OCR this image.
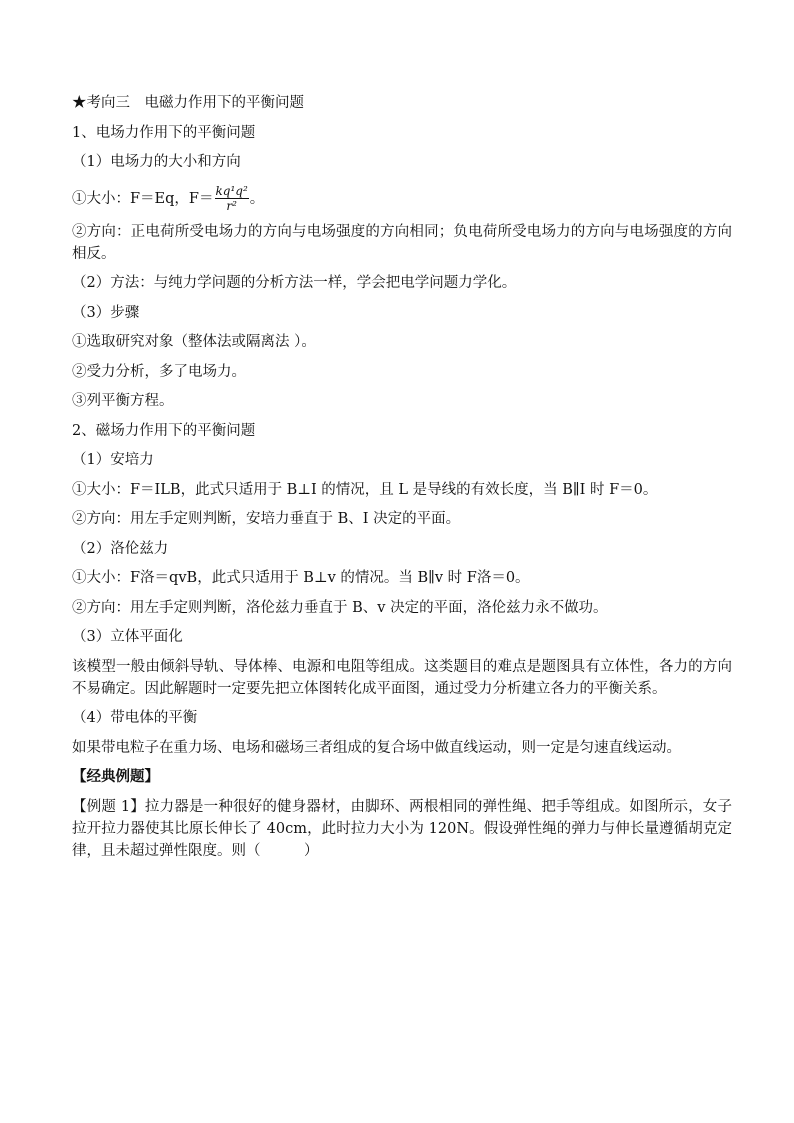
★考向三　电磁力作用下的平衡问题

1、电场力作用下的平衡问题

（1）电场力的大小和方向

①大小：F＝Eq，$F= \frac{\text{kq¹q²}}{\text{r²}}$ 。

②方向：正电荷所受电场力的方向与电场强度的方向相同；负电荷所受电场力的方向与电场强度的方向相反。

（2）方法：与纯力学问题的分析方法一样，学会把电学问题力学化。

（3）步骤

①选取研究对象（整体法或隔离法 ）。

②受力分析，多了电场力。

③列平衡方程。

2、磁场力作用下的平衡问题

（1）安培力

①大小：F＝ILB，此式只适用于 B⊥I 的情况，且 L 是导线的有效长度，当 B∥I 时 F＝0。

②方向：用左手定则判断，安培力垂直于 B、I 决定的平面。

（2）洛伦兹力

①大小：F洛＝qvB，此式只适用于 B⊥v 的情况。当 B∥v 时 F洛＝0。

②方向：用左手定则判断，洛伦兹力垂直于 B、v 决定的平面，洛伦兹力永不做功。

（3）立体平面化

该模型一般由倾斜导轨、导体棒、电源和电阻等组成。这类题目的难点是题图具有立体性，各力的方向不易确定。因此解题时一定要先把立体图转化成平面图，通过受力分析建立各力的平衡关系。

（4）带电体的平衡

如果带电粒子在重力场、电场和磁场三者组成的复合场中做直线运动，则一定是匀速直线运动。

【经典例题】

【例题 1】拉力器是一种很好的健身器材，由脚环、两根相同的弹性绳、把手等组成。如图所示，女子拉开拉力器使其比原长伸长了 40cm，此时拉力大小为 120N。假设弹性绳的弹力与伸长量遵循胡克定律，且未超过弹性限度。则（　　　）
